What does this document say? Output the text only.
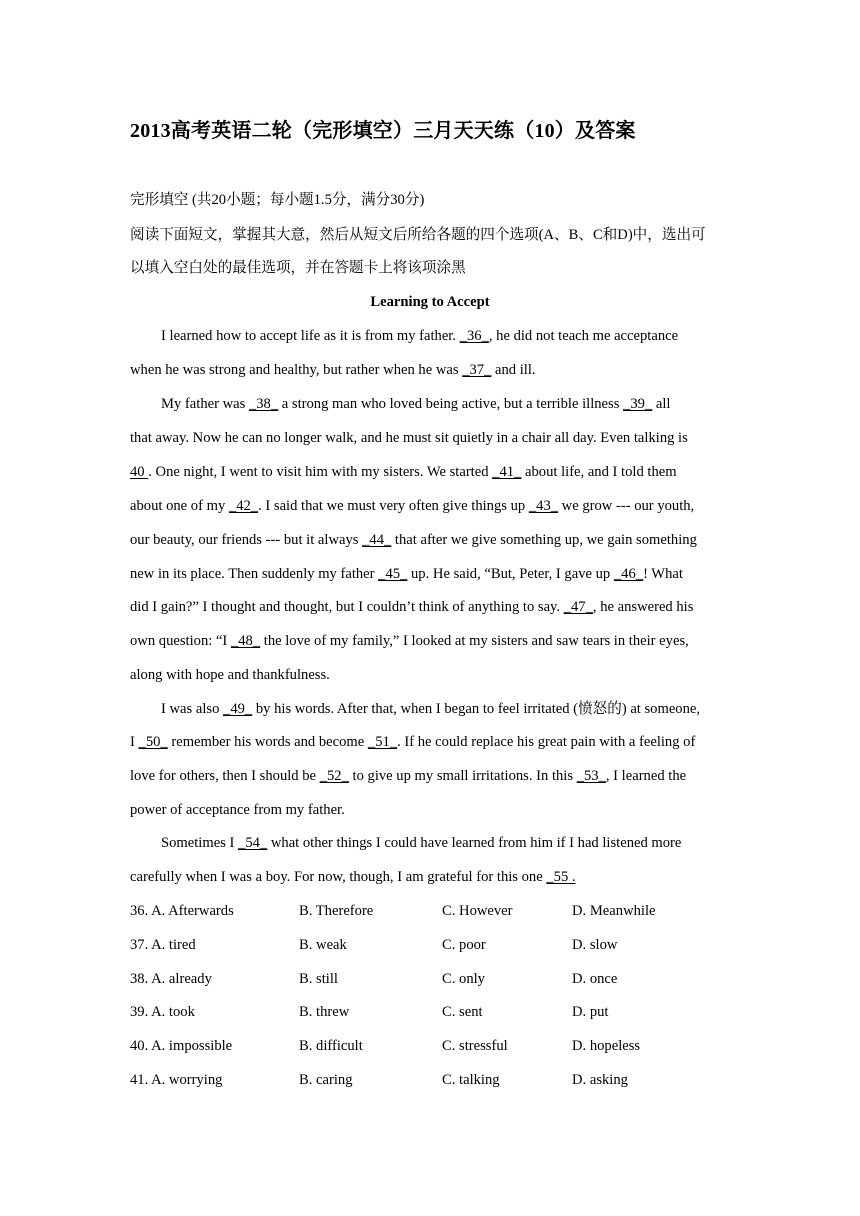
2013高考英语二轮（完形填空）三月天天练（10）及答案
完形填空 (共20小题；每小题1.5分，满分30分)
阅读下面短文，掌握其大意，然后从短文后所给各题的四个选项(A、B、C和D)中，选出可
以填入空白处的最佳选项，并在答题卡上将该项涂黑
Learning to Accept
I learned how to accept life as it is from my father. _36_, he did not teach me acceptance
when he was strong and healthy, but rather when he was _37_ and ill.
My father was _38_ a strong man who loved being active, but a terrible illness _39_ all
that away. Now he can no longer walk, and he must sit quietly in a chair all day. Even talking is
40 . One night, I went to visit him with my sisters. We started _41_ about life, and I told them
about one of my _42_. I said that we must very often give things up _43_ we grow --- our youth,
our beauty, our friends --- but it always _44_ that after we give something up, we gain something
new in its place. Then suddenly my father _45_ up. He said, “But, Peter, I gave up _46_! What
did I gain?” I thought and thought, but I couldn’t think of anything to say. _47_, he answered his
own question: “I _48_ the love of my family,” I looked at my sisters and saw tears in their eyes,
along with hope and thankfulness.
I was also _49_ by his words. After that, when I began to feel irritated (愤怒的) at someone,
I _50_ remember his words and become _51_. If he could replace his great pain with a feeling of
love for others, then I should be _52_ to give up my small irritations. In this _53_, I learned the
power of acceptance from my father.
Sometimes I _54_ what other things I could have learned from him if I had listened more
carefully when I was a boy. For now, though, I am grateful for this one _55 .
36. A. Afterwards	B. Therefore	C. However	D. Meanwhile
37. A. tired	B. weak	C. poor	D. slow
38. A. already	B. still	C. only	D. once
39. A. took	B. threw	C. sent	D. put
40. A. impossible	B. difficult	C. stressful	D. hopeless
41. A. worrying	B. caring	C. talking	D. asking
